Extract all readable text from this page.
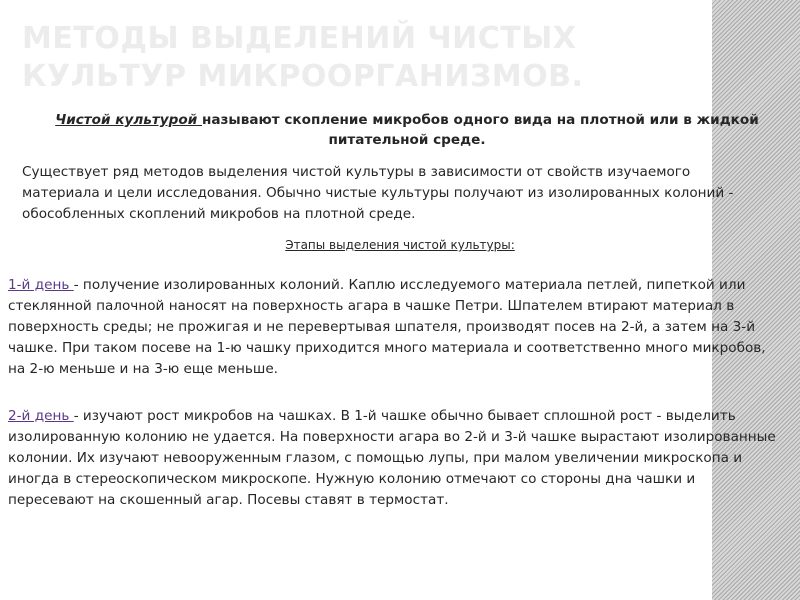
МЕТОДЫ ВЫДЕЛЕНИЙ ЧИСТЫХ КУЛЬТУР МИКРООРГАНИЗМОВ.

Чистой культурой называют скопление микробов одного вида на плотной или в жидкой питательной среде.

Существует ряд методов выделения чистой культуры в зависимости от свойств изучаемого материала и цели исследования. Обычно чистые культуры получают из изолированных колоний - обособленных скоплений микробов на плотной среде.

Этапы выделения чистой культуры:

1-й день - получение изолированных колоний. Каплю исследуемого материала петлей, пипеткой или стеклянной палочной наносят на поверхность агара в чашке Петри. Шпателем втирают материал в поверхность среды; не прожигая и не перевертывая шпателя, производят посев на 2-й, а затем на 3-й чашке. При таком посеве на 1-ю чашку приходится много материала и соответственно много микробов, на 2-ю меньше и на 3-ю еще меньше.

2-й день - изучают рост микробов на чашках. В 1-й чашке обычно бывает сплошной рост - выделить изолированную колонию не удается. На поверхности агара во 2-й и 3-й чашке вырастают изолированные колонии. Их изучают невооруженным глазом, с помощью лупы, при малом увеличении микроскопа и иногда в стереоскопическом микроскопе. Нужную колонию отмечают со стороны дна чашки и пересевают на скошенный агар. Посевы ставят в термостат.
